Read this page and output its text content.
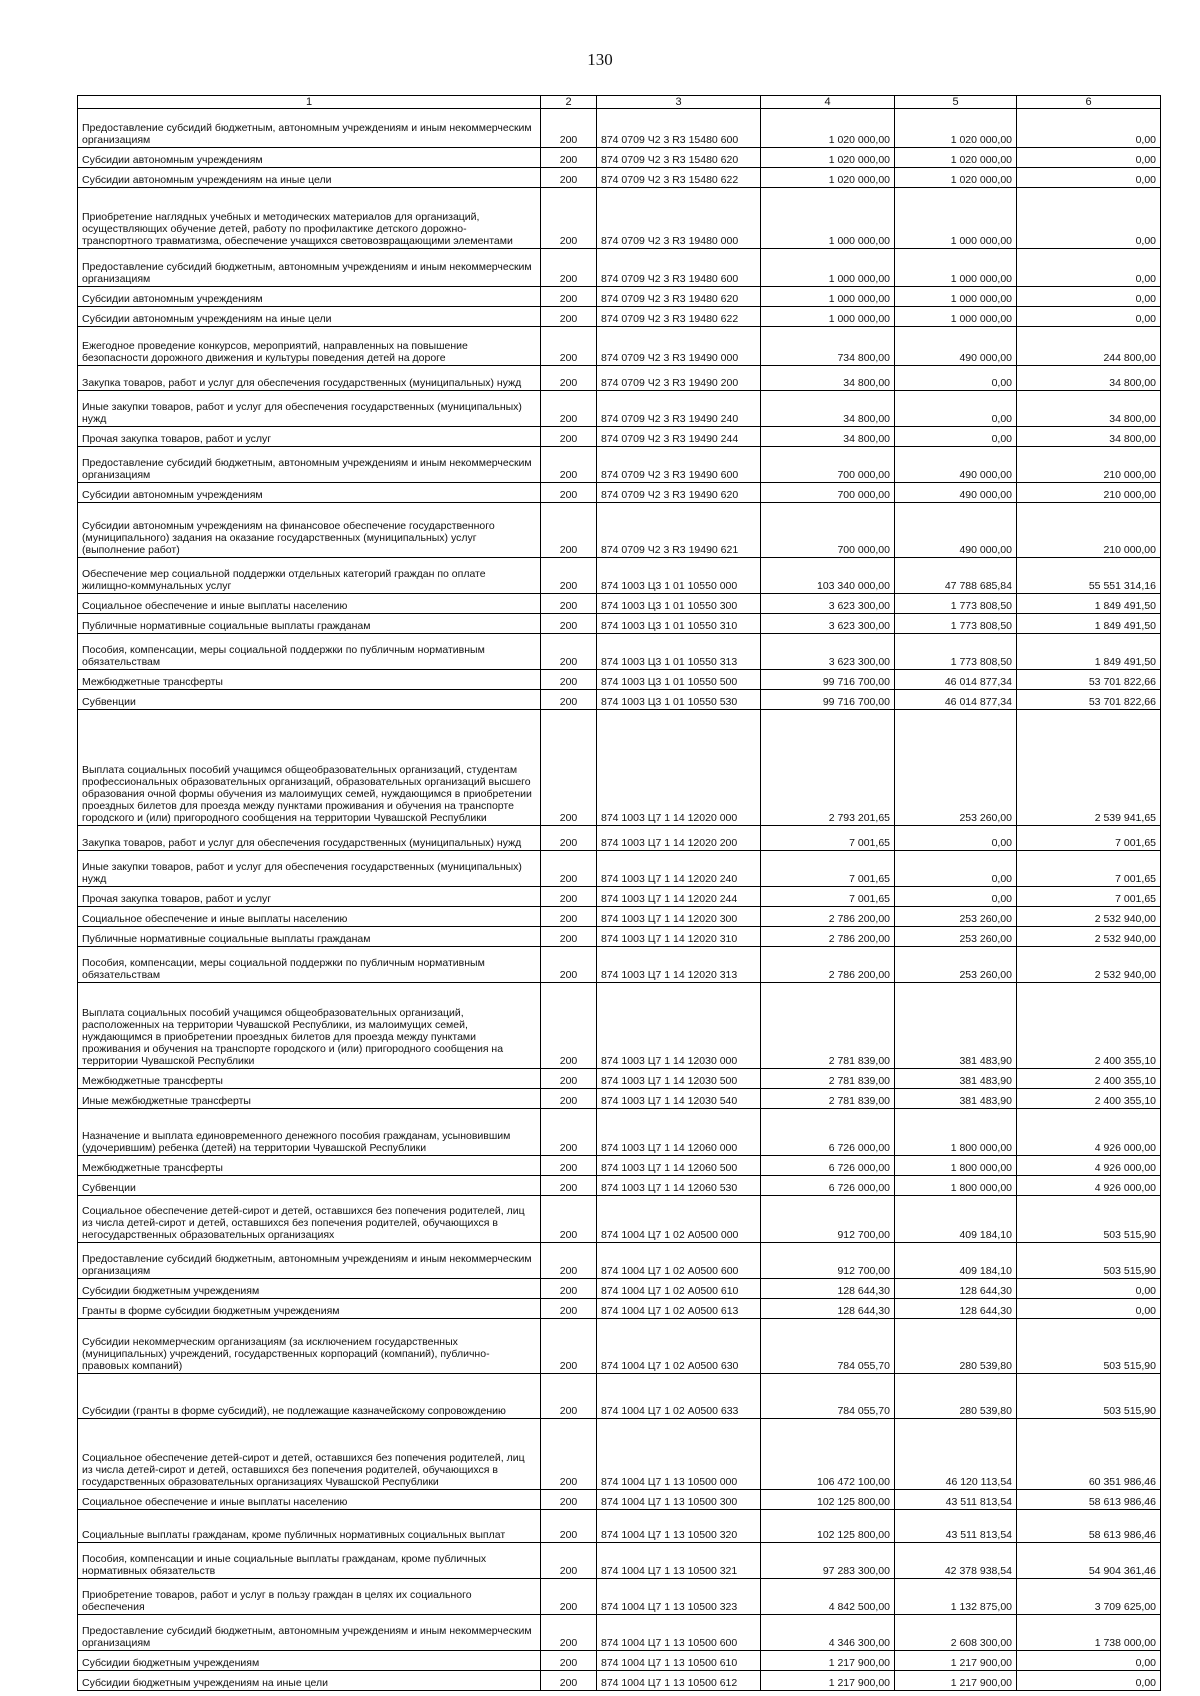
130
1	2	3	4	5	6
Предоставление субсидий бюджетным, автономным учреждениям и иным некоммерческим организациям	200	874 0709 Ч2 3 R3 15480 600	1 020 000,00	1 020 000,00	0,00
Субсидии автономным учреждениям	200	874 0709 Ч2 3 R3 15480 620	1 020 000,00	1 020 000,00	0,00
Субсидии автономным учреждениям на иные цели	200	874 0709 Ч2 3 R3 15480 622	1 020 000,00	1 020 000,00	0,00
Приобретение наглядных учебных и методических материалов для организаций, осуществляющих обучение детей, работу по профилактике детского дорожно-транспортного травматизма, обеспечение учащихся световозвращающими элементами	200	874 0709 Ч2 3 R3 19480 000	1 000 000,00	1 000 000,00	0,00
Предоставление субсидий бюджетным, автономным учреждениям и иным некоммерческим организациям	200	874 0709 Ч2 3 R3 19480 600	1 000 000,00	1 000 000,00	0,00
Субсидии автономным учреждениям	200	874 0709 Ч2 3 R3 19480 620	1 000 000,00	1 000 000,00	0,00
Субсидии автономным учреждениям на иные цели	200	874 0709 Ч2 3 R3 19480 622	1 000 000,00	1 000 000,00	0,00
Ежегодное проведение конкурсов, мероприятий, направленных на повышение безопасности дорожного движения и культуры поведения детей на дороге	200	874 0709 Ч2 3 R3 19490 000	734 800,00	490 000,00	244 800,00
Закупка товаров, работ и услуг для обеспечения государственных (муниципальных) нужд	200	874 0709 Ч2 3 R3 19490 200	34 800,00	0,00	34 800,00
Иные закупки товаров, работ и услуг для обеспечения государственных (муниципальных) нужд	200	874 0709 Ч2 3 R3 19490 240	34 800,00	0,00	34 800,00
Прочая закупка товаров, работ и услуг	200	874 0709 Ч2 3 R3 19490 244	34 800,00	0,00	34 800,00
Предоставление субсидий бюджетным, автономным учреждениям и иным некоммерческим организациям	200	874 0709 Ч2 3 R3 19490 600	700 000,00	490 000,00	210 000,00
Субсидии автономным учреждениям	200	874 0709 Ч2 3 R3 19490 620	700 000,00	490 000,00	210 000,00
Субсидии автономным учреждениям на финансовое обеспечение государственного (муниципального) задания на оказание государственных (муниципальных) услуг (выполнение работ)	200	874 0709 Ч2 3 R3 19490 621	700 000,00	490 000,00	210 000,00
Обеспечение мер социальной поддержки отдельных категорий граждан по оплате жилищно-коммунальных услуг	200	874 1003 Ц3 1 01 10550 000	103 340 000,00	47 788 685,84	55 551 314,16
Социальное обеспечение и иные выплаты населению	200	874 1003 Ц3 1 01 10550 300	3 623 300,00	1 773 808,50	1 849 491,50
Публичные нормативные социальные выплаты гражданам	200	874 1003 Ц3 1 01 10550 310	3 623 300,00	1 773 808,50	1 849 491,50
Пособия, компенсации, меры социальной поддержки по публичным нормативным обязательствам	200	874 1003 Ц3 1 01 10550 313	3 623 300,00	1 773 808,50	1 849 491,50
Межбюджетные трансферты	200	874 1003 Ц3 1 01 10550 500	99 716 700,00	46 014 877,34	53 701 822,66
Субвенции	200	874 1003 Ц3 1 01 10550 530	99 716 700,00	46 014 877,34	53 701 822,66
Выплата социальных пособий учащимся общеобразовательных организаций, студентам профессиональных образовательных организаций, образовательных организаций высшего образования очной формы обучения из малоимущих семей, нуждающимся в приобретении проездных билетов для проезда между пунктами проживания и обучения на транспорте городского и (или) пригородного сообщения на территории Чувашской Республики	200	874 1003 Ц7 1 14 12020 000	2 793 201,65	253 260,00	2 539 941,65
Закупка товаров, работ и услуг для обеспечения государственных (муниципальных) нужд	200	874 1003 Ц7 1 14 12020 200	7 001,65	0,00	7 001,65
Иные закупки товаров, работ и услуг для обеспечения государственных (муниципальных) нужд	200	874 1003 Ц7 1 14 12020 240	7 001,65	0,00	7 001,65
Прочая закупка товаров, работ и услуг	200	874 1003 Ц7 1 14 12020 244	7 001,65	0,00	7 001,65
Социальное обеспечение и иные выплаты населению	200	874 1003 Ц7 1 14 12020 300	2 786 200,00	253 260,00	2 532 940,00
Публичные нормативные социальные выплаты гражданам	200	874 1003 Ц7 1 14 12020 310	2 786 200,00	253 260,00	2 532 940,00
Пособия, компенсации, меры социальной поддержки по публичным нормативным обязательствам	200	874 1003 Ц7 1 14 12020 313	2 786 200,00	253 260,00	2 532 940,00
Выплата социальных пособий учащимся общеобразовательных организаций, расположенных на территории Чувашской Республики, из малоимущих семей, нуждающимся в приобретении проездных билетов для проезда между пунктами проживания и обучения на транспорте городского и (или) пригородного сообщения на территории Чувашской Республики	200	874 1003 Ц7 1 14 12030 000	2 781 839,00	381 483,90	2 400 355,10
Межбюджетные трансферты	200	874 1003 Ц7 1 14 12030 500	2 781 839,00	381 483,90	2 400 355,10
Иные межбюджетные трансферты	200	874 1003 Ц7 1 14 12030 540	2 781 839,00	381 483,90	2 400 355,10
Назначение и выплата единовременного денежного пособия гражданам, усыновившим (удочерившим) ребенка (детей) на территории Чувашской Республики	200	874 1003 Ц7 1 14 12060 000	6 726 000,00	1 800 000,00	4 926 000,00
Межбюджетные трансферты	200	874 1003 Ц7 1 14 12060 500	6 726 000,00	1 800 000,00	4 926 000,00
Субвенции	200	874 1003 Ц7 1 14 12060 530	6 726 000,00	1 800 000,00	4 926 000,00
Социальное обеспечение детей-сирот и детей, оставшихся без попечения родителей, лиц из числа детей-сирот и детей, оставшихся без попечения родителей, обучающихся в негосударственных образовательных организациях	200	874 1004 Ц7 1 02 А0500 000	912 700,00	409 184,10	503 515,90
Предоставление субсидий бюджетным, автономным учреждениям и иным некоммерческим организациям	200	874 1004 Ц7 1 02 А0500 600	912 700,00	409 184,10	503 515,90
Субсидии бюджетным учреждениям	200	874 1004 Ц7 1 02 А0500 610	128 644,30	128 644,30	0,00
Гранты в форме субсидии бюджетным учреждениям	200	874 1004 Ц7 1 02 А0500 613	128 644,30	128 644,30	0,00
Субсидии некоммерческим организациям (за исключением государственных (муниципальных) учреждений, государственных корпораций (компаний), публично-правовых компаний)	200	874 1004 Ц7 1 02 А0500 630	784 055,70	280 539,80	503 515,90
Субсидии (гранты в форме субсидий), не подлежащие казначейскому сопровождению	200	874 1004 Ц7 1 02 А0500 633	784 055,70	280 539,80	503 515,90
Социальное обеспечение детей-сирот и детей, оставшихся без попечения родителей, лиц из числа детей-сирот и детей, оставшихся без попечения родителей, обучающихся в государственных образовательных организациях Чувашской Республики	200	874 1004 Ц7 1 13 10500 000	106 472 100,00	46 120 113,54	60 351 986,46
Социальное обеспечение и иные выплаты населению	200	874 1004 Ц7 1 13 10500 300	102 125 800,00	43 511 813,54	58 613 986,46
Социальные выплаты гражданам, кроме публичных нормативных социальных выплат	200	874 1004 Ц7 1 13 10500 320	102 125 800,00	43 511 813,54	58 613 986,46
Пособия, компенсации и иные социальные выплаты гражданам, кроме публичных нормативных обязательств	200	874 1004 Ц7 1 13 10500 321	97 283 300,00	42 378 938,54	54 904 361,46
Приобретение товаров, работ и услуг в пользу граждан в целях их социального обеспечения	200	874 1004 Ц7 1 13 10500 323	4 842 500,00	1 132 875,00	3 709 625,00
Предоставление субсидий бюджетным, автономным учреждениям и иным некоммерческим организациям	200	874 1004 Ц7 1 13 10500 600	4 346 300,00	2 608 300,00	1 738 000,00
Субсидии бюджетным учреждениям	200	874 1004 Ц7 1 13 10500 610	1 217 900,00	1 217 900,00	0,00
Субсидии бюджетным учреждениям на иные цели	200	874 1004 Ц7 1 13 10500 612	1 217 900,00	1 217 900,00	0,00
